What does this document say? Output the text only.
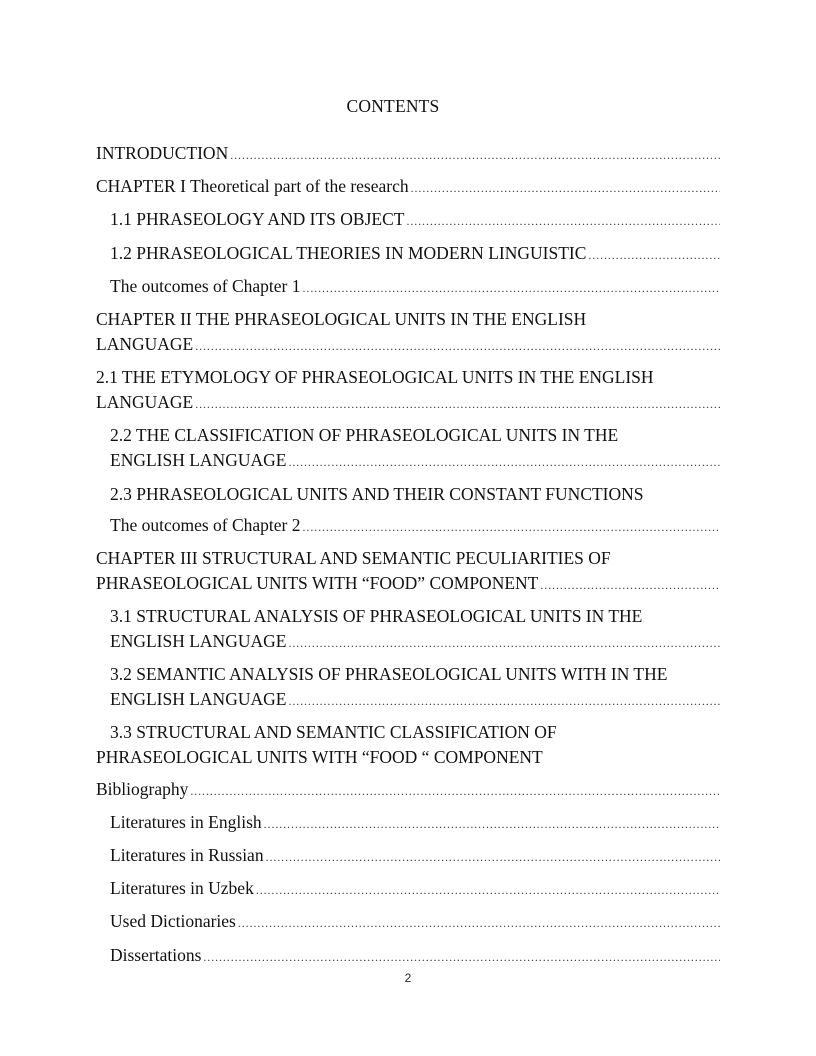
CONTENTS
INTRODUCTION
.....
CHAPTER I Theoretical part of the research
.....
1.1 PHRASEOLOGY AND ITS OBJECT
.....
1.2 PHRASEOLOGICAL THEORIES IN MODERN LINGUISTIC
.....
The outcomes of Chapter 1
.....
CHAPTER II THE PHRASEOLOGICAL UNITS IN THE ENGLISH
LANGUAGE
.....
2.1 THE ETYMOLOGY OF PHRASEOLOGICAL UNITS IN THE ENGLISH
LANGUAGE
.....
2.2 THE CLASSIFICATION OF PHRASEOLOGICAL UNITS IN THE
ENGLISH LANGUAGE
.....
2.3 PHRASEOLOGICAL UNITS AND THEIR CONSTANT FUNCTIONS
The outcomes of Chapter 2
.....
CHAPTER III STRUCTURAL AND SEMANTIC PECULIARITIES OF
PHRASEOLOGICAL UNITS WITH “FOOD” COMPONENT
.....
3.1 STRUCTURAL ANALYSIS OF PHRASEOLOGICAL UNITS IN THE
ENGLISH LANGUAGE
.....
3.2 SEMANTIC ANALYSIS OF PHRASEOLOGICAL UNITS WITH IN THE
ENGLISH LANGUAGE
.....
3.3 STRUCTURAL AND SEMANTIC CLASSIFICATION OF
PHRASEOLOGICAL UNITS WITH “FOOD “ COMPONENT
Bibliography
.....
Literatures in English
.....
Literatures in Russian
.....
Literatures in Uzbek
.....
Used Dictionaries
.....
Dissertations
.....
2
